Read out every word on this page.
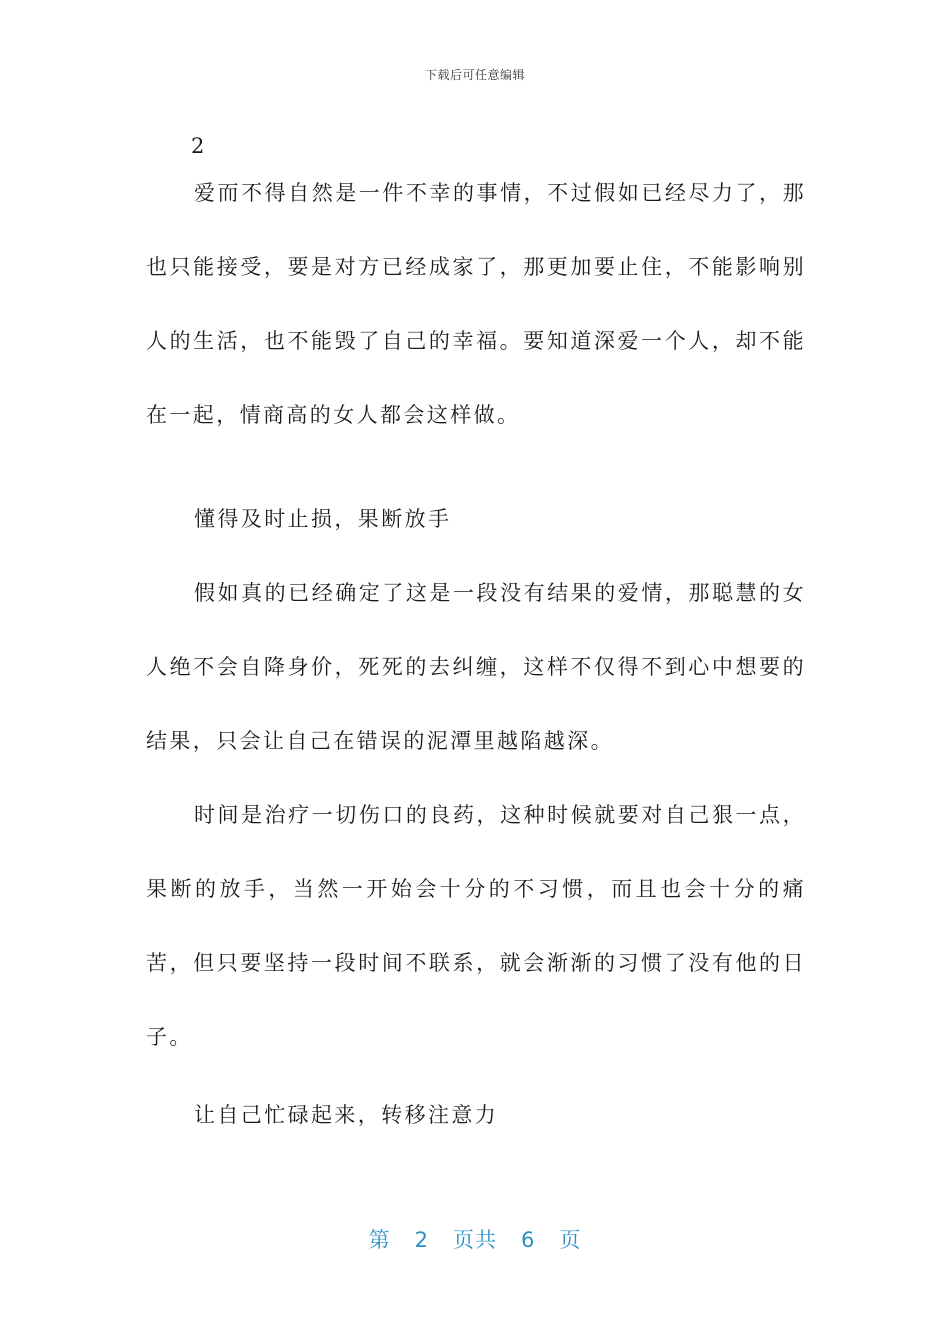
下载后可任意编辑
2

爱而不得自然是一件不幸的事情，不过假如已经尽力了，那也只能接受，要是对方已经成家了，那更加要止住，不能影响别人的生活，也不能毁了自己的幸福。要知道深爱一个人，却不能在一起，情商高的女人都会这样做。

懂得及时止损，果断放手

假如真的已经确定了这是一段没有结果的爱情，那聪慧的女人绝不会自降身价，死死的去纠缠，这样不仅得不到心中想要的结果，只会让自己在错误的泥潭里越陷越深。

时间是治疗一切伤口的良药，这种时候就要对自己狠一点，果断的放手，当然一开始会十分的不习惯，而且也会十分的痛苦，但只要坚持一段时间不联系，就会渐渐的习惯了没有他的日子。

让自己忙碌起来，转移注意力

第 2 页共 6 页
